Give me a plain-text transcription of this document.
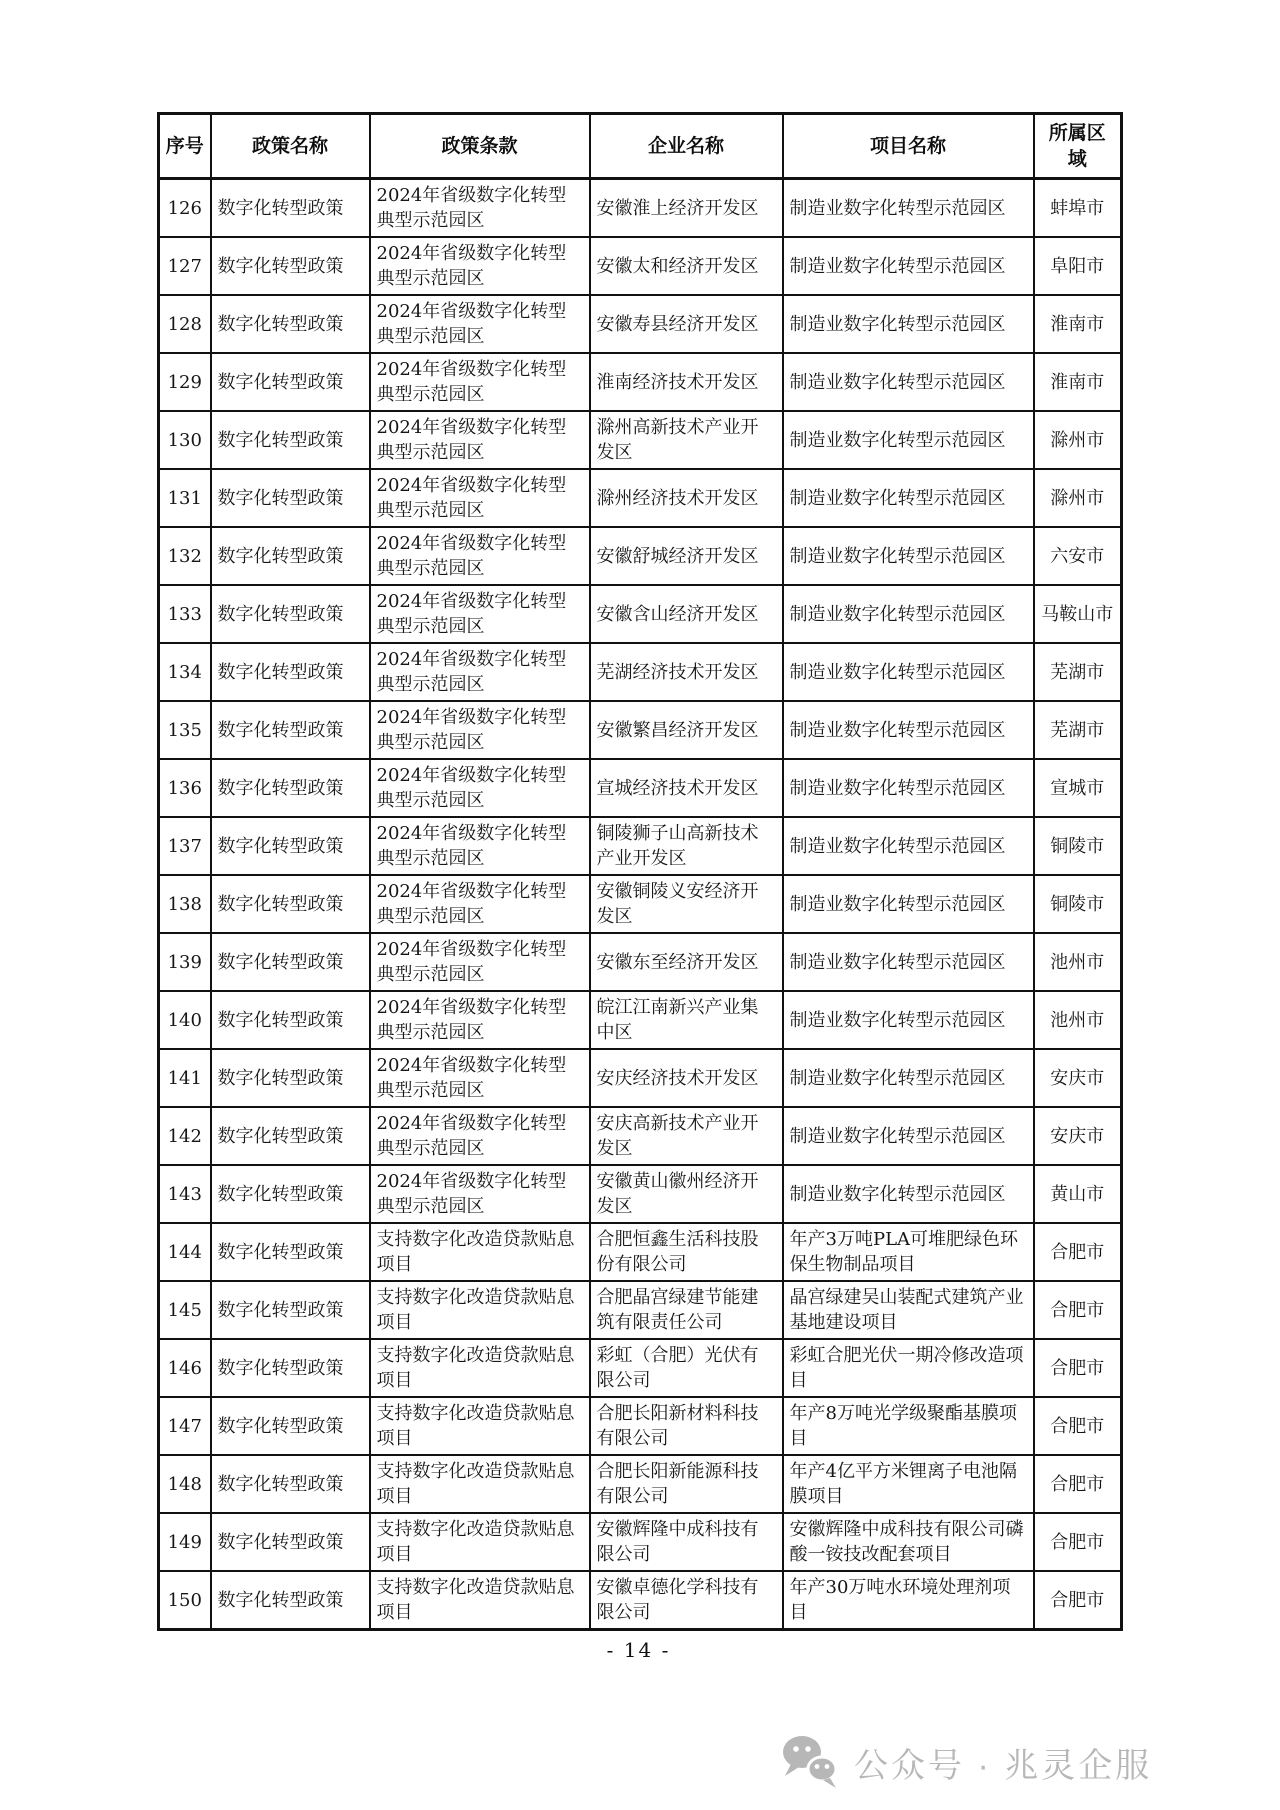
序号	政策名称	政策条款	企业名称	项目名称	所属区域
126	数字化转型政策	2024年省级数字化转型典型示范园区	安徽淮上经济开发区	制造业数字化转型示范园区	蚌埠市
127	数字化转型政策	2024年省级数字化转型典型示范园区	安徽太和经济开发区	制造业数字化转型示范园区	阜阳市
128	数字化转型政策	2024年省级数字化转型典型示范园区	安徽寿县经济开发区	制造业数字化转型示范园区	淮南市
129	数字化转型政策	2024年省级数字化转型典型示范园区	淮南经济技术开发区	制造业数字化转型示范园区	淮南市
130	数字化转型政策	2024年省级数字化转型典型示范园区	滁州高新技术产业开发区	制造业数字化转型示范园区	滁州市
131	数字化转型政策	2024年省级数字化转型典型示范园区	滁州经济技术开发区	制造业数字化转型示范园区	滁州市
132	数字化转型政策	2024年省级数字化转型典型示范园区	安徽舒城经济开发区	制造业数字化转型示范园区	六安市
133	数字化转型政策	2024年省级数字化转型典型示范园区	安徽含山经济开发区	制造业数字化转型示范园区	马鞍山市
134	数字化转型政策	2024年省级数字化转型典型示范园区	芜湖经济技术开发区	制造业数字化转型示范园区	芜湖市
135	数字化转型政策	2024年省级数字化转型典型示范园区	安徽繁昌经济开发区	制造业数字化转型示范园区	芜湖市
136	数字化转型政策	2024年省级数字化转型典型示范园区	宣城经济技术开发区	制造业数字化转型示范园区	宣城市
137	数字化转型政策	2024年省级数字化转型典型示范园区	铜陵狮子山高新技术产业开发区	制造业数字化转型示范园区	铜陵市
138	数字化转型政策	2024年省级数字化转型典型示范园区	安徽铜陵义安经济开发区	制造业数字化转型示范园区	铜陵市
139	数字化转型政策	2024年省级数字化转型典型示范园区	安徽东至经济开发区	制造业数字化转型示范园区	池州市
140	数字化转型政策	2024年省级数字化转型典型示范园区	皖江江南新兴产业集中区	制造业数字化转型示范园区	池州市
141	数字化转型政策	2024年省级数字化转型典型示范园区	安庆经济技术开发区	制造业数字化转型示范园区	安庆市
142	数字化转型政策	2024年省级数字化转型典型示范园区	安庆高新技术产业开发区	制造业数字化转型示范园区	安庆市
143	数字化转型政策	2024年省级数字化转型典型示范园区	安徽黄山徽州经济开发区	制造业数字化转型示范园区	黄山市
144	数字化转型政策	支持数字化改造贷款贴息项目	合肥恒鑫生活科技股份有限公司	年产3万吨PLA可堆肥绿色环保生物制品项目	合肥市
145	数字化转型政策	支持数字化改造贷款贴息项目	合肥晶宫绿建节能建筑有限责任公司	晶宫绿建吴山装配式建筑产业基地建设项目	合肥市
146	数字化转型政策	支持数字化改造贷款贴息项目	彩虹（合肥）光伏有限公司	彩虹合肥光伏一期冷修改造项目	合肥市
147	数字化转型政策	支持数字化改造贷款贴息项目	合肥长阳新材料科技有限公司	年产8万吨光学级聚酯基膜项目	合肥市
148	数字化转型政策	支持数字化改造贷款贴息项目	合肥长阳新能源科技有限公司	年产4亿平方米锂离子电池隔膜项目	合肥市
149	数字化转型政策	支持数字化改造贷款贴息项目	安徽辉隆中成科技有限公司	安徽辉隆中成科技有限公司磷酸一铵技改配套项目	合肥市
150	数字化转型政策	支持数字化改造贷款贴息项目	安徽卓德化学科技有限公司	年产30万吨水环境处理剂项目	合肥市
- 14 -
公众号 · 兆灵企服
